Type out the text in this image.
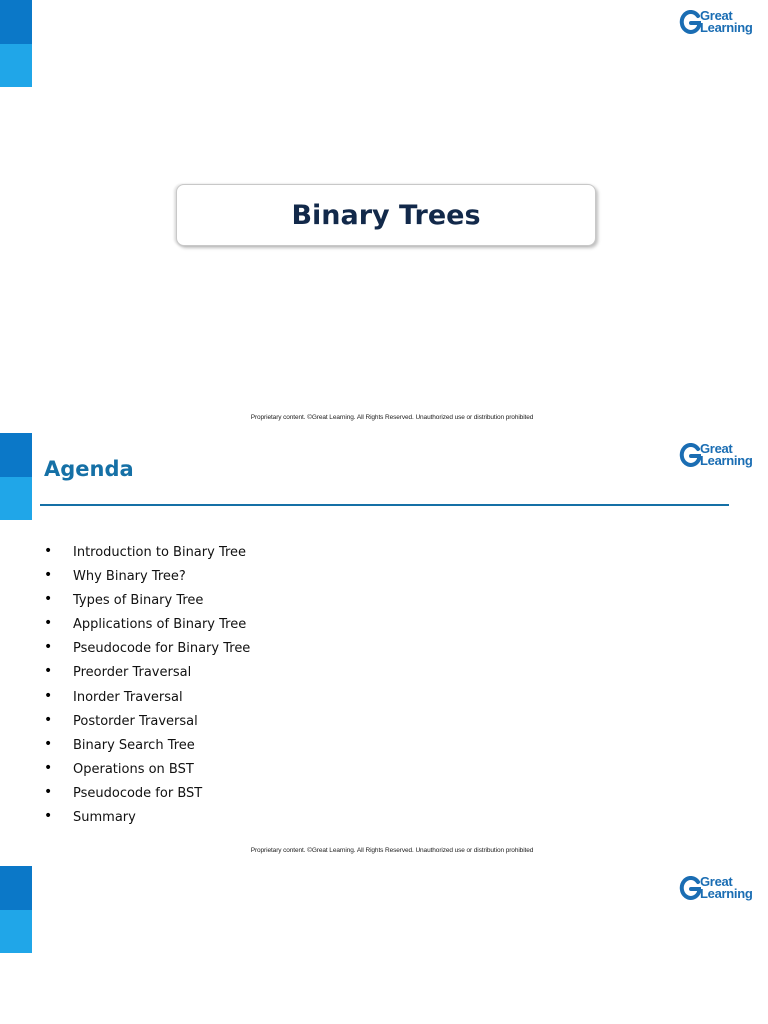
Great
Learning
Binary Trees
Proprietary content. ©Great Learning. All Rights Reserved. Unauthorized use or distribution prohibited
Great
Learning
Agenda
• Introduction to Binary Tree
• Why Binary Tree?
• Types of Binary Tree
• Applications of Binary Tree
• Pseudocode for Binary Tree
• Preorder Traversal
• Inorder Traversal
• Postorder Traversal
• Binary Search Tree
• Operations on BST
• Pseudocode for BST
• Summary
Proprietary content. ©Great Learning. All Rights Reserved. Unauthorized use or distribution prohibited
Great
Learning
